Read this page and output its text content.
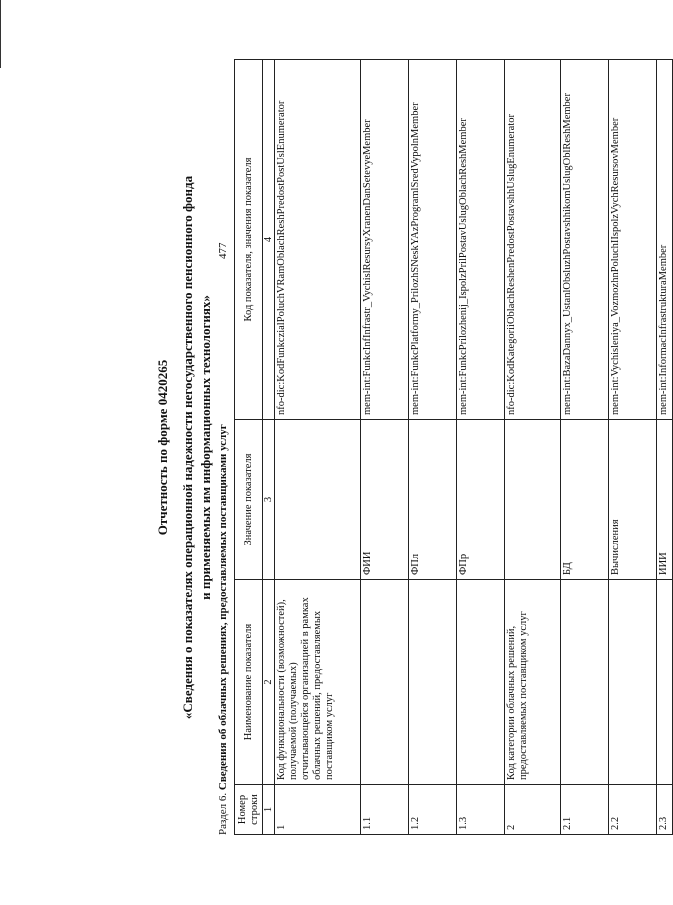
Отчетность по форме 0420265 «Сведения о показателях операционной надежности негосударственного пенсионного фонда и применяемых им информационных технологиях»
Раздел 6. Сведения об облачных решениях, предоставляемых поставщиками услуг
477
Номер строки	Наименование показателя	Значение показателя	Код показателя, значения показателя
1	2	3	4
1	Код функциональности (возможностей), получаемой (получаемых) отчитывающейся организацией в рамках облачных решений, предоставляемых поставщиком услуг		nfo-dic:KodFunkczialPoluchVRamOblachReshPredostPostUslEnumerator
1.1		ФИИ	mem-int:FunkcInfInfrastr_VychislResursyXranenDanSetevyeMember
1.2		ФПл	mem-int:FunkcPlatformy_PrilozhSNeskYAzProgramlSredVypolnMember
1.3		ФПр	mem-int:FunkcPrilozhenij_IspolzPrilPostavUslugOblachReshMember
2	Код категории облачных решений, предоставляемых поставщиком услуг		nfo-dic:KodKategoriiOblachReshenPredostPostavshhUslugEnumerator
2.1		БД	mem-int:BazaDannyx_UstanlObsluzhPostavshhikomUslugOblReshMember
2.2		Вычисления	mem-int:Vychisleniya_VozmozhnPoluchIIspolzVychResursovMember
2.3		ИИИ	mem-int:InformacInfrastrukturaMember
